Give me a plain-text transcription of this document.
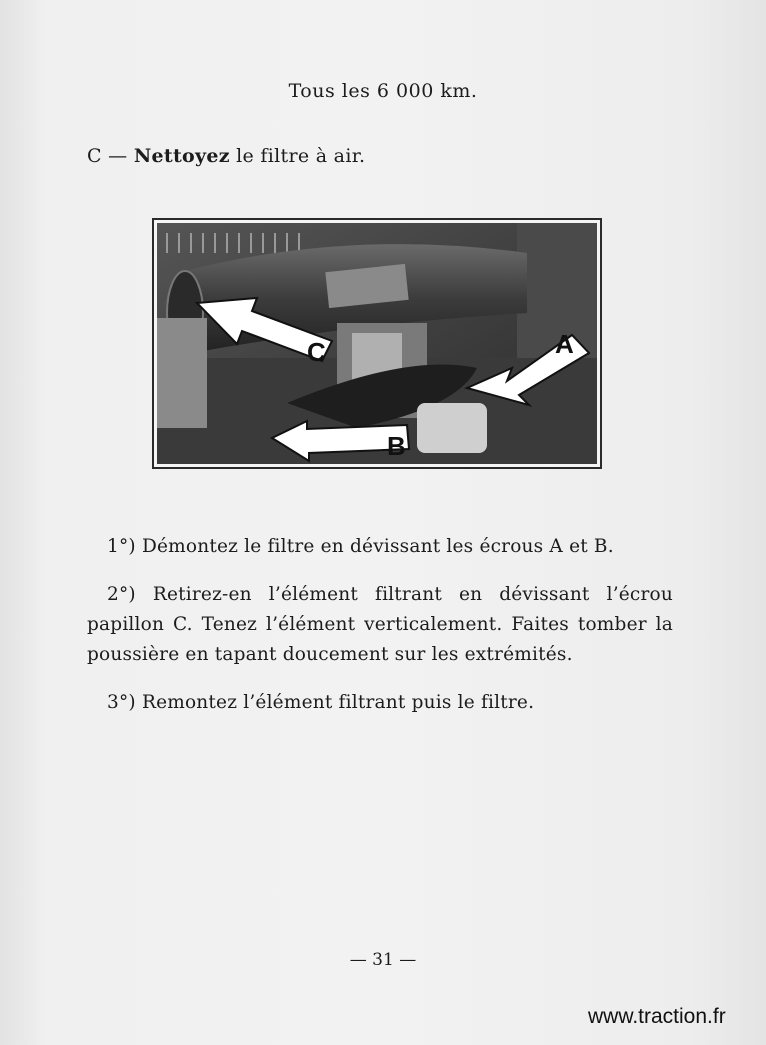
Tous les 6 000 km.
C — Nettoyez le filtre à air.
C	A
B
1°) Démontez le filtre en dévissant les écrous A et B.
2°) Retirez-en l’élément filtrant en dévissant l’écrou papillon C. Tenez l’élément verticalement. Faites tomber la poussière en tapant doucement sur les extrémités.
3°) Remontez l’élément filtrant puis le filtre.
— 31 —
www.traction.fr
